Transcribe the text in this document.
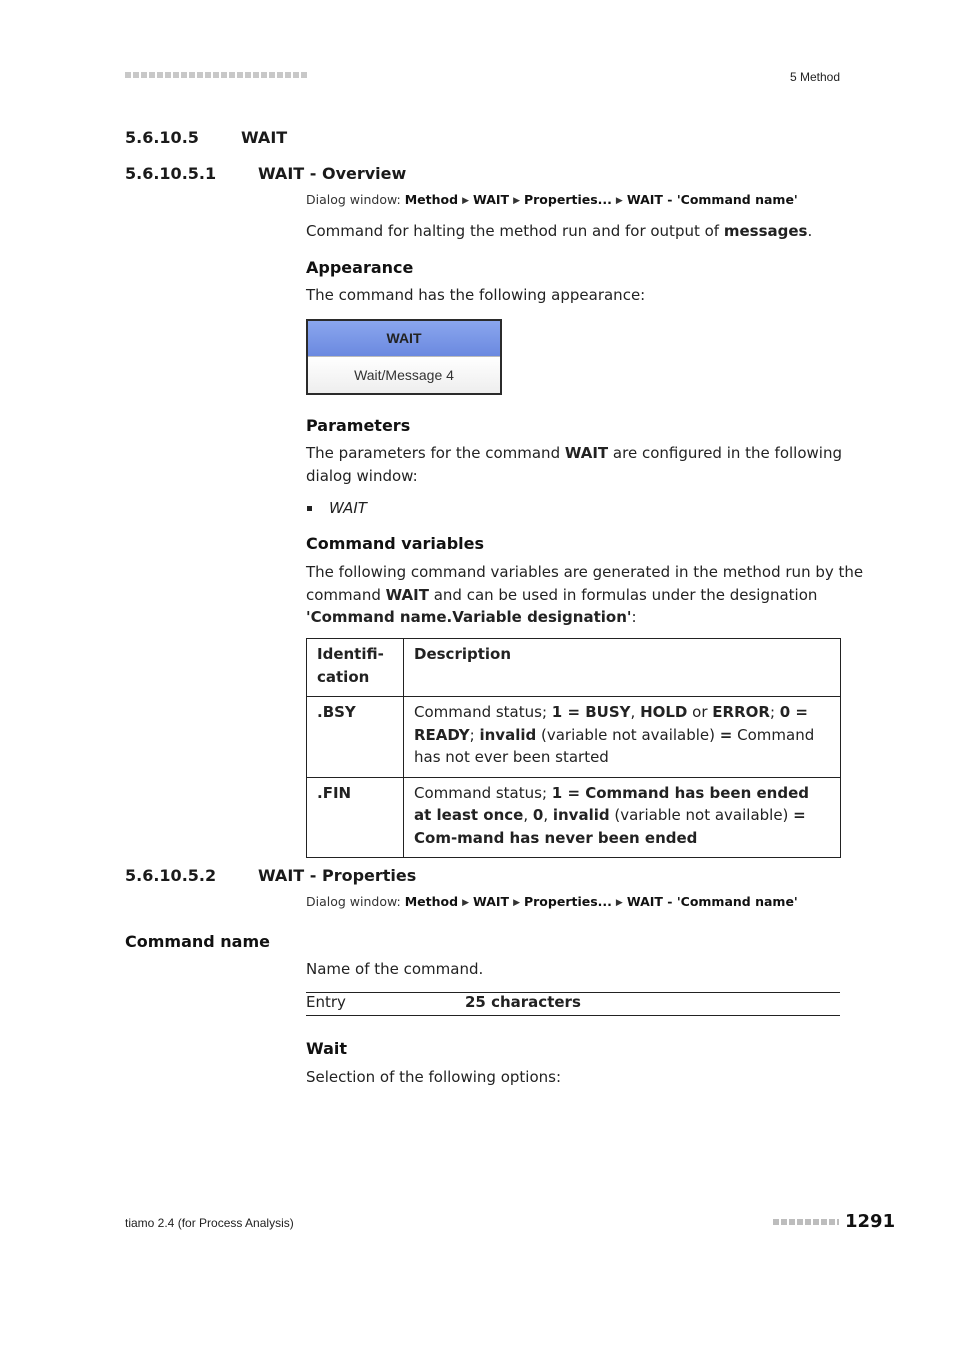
5 Method
5.6.10.5	WAIT
5.6.10.5.1	WAIT - Overview
Dialog window: Method ▶ WAIT ▶ Properties... ▶ WAIT - 'Command name'
Command for halting the method run and for output of messages.
Appearance
The command has the following appearance:
WAIT
Wait/Message 4
Parameters
The parameters for the command WAIT are configured in the following
dialog window:
WAIT
Command variables
The following command variables are generated in the method run by the
command WAIT and can be used in formulas under the designation
'Command name.Variable designation':
Identifi-
cation	Description
.BSY	Command status; 1 = BUSY, HOLD or ERROR; 0 = READY; invalid (variable not available) = Command has not ever been started
.FIN	Command status; 1 = Command has been ended at least once, 0, invalid (variable not available) = Com-mand has never been ended
5.6.10.5.2	WAIT - Properties
Dialog window: Method ▶ WAIT ▶ Properties... ▶ WAIT - 'Command name'
Command name
Name of the command.
Entry	25 characters
Wait
Selection of the following options:
tiamo 2.4 (for Process Analysis)	1291
